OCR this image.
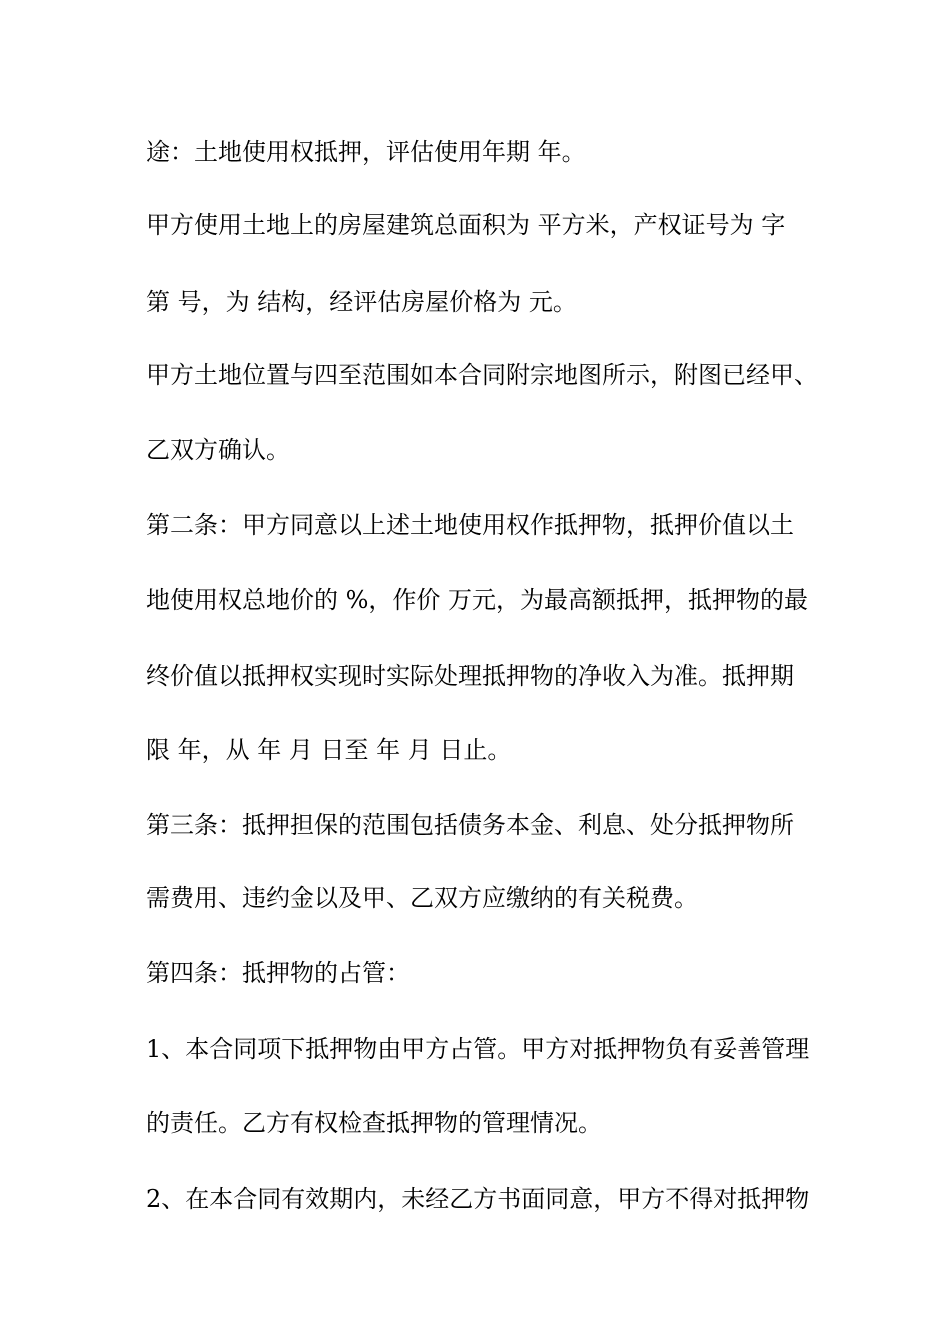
途：土地使用权抵押，评估使用年期 年。

甲方使用土地上的房屋建筑总面积为 平方米，产权证号为 字

第 号，为 结构，经评估房屋价格为 元。

甲方土地位置与四至范围如本合同附宗地图所示，附图已经甲、

乙双方确认。

第二条：甲方同意以上述土地使用权作抵押物，抵押价值以土

地使用权总地价的 %，作价 万元，为最高额抵押，抵押物的最

终价值以抵押权实现时实际处理抵押物的净收入为准。抵押期

限 年，从 年 月 日至 年 月 日止。

第三条：抵押担保的范围包括债务本金、利息、处分抵押物所

需费用、违约金以及甲、乙双方应缴纳的有关税费。

第四条：抵押物的占管：

1、本合同项下抵押物由甲方占管。甲方对抵押物负有妥善管理

的责任。乙方有权检查抵押物的管理情况。

2、在本合同有效期内，未经乙方书面同意，甲方不得对抵押物
